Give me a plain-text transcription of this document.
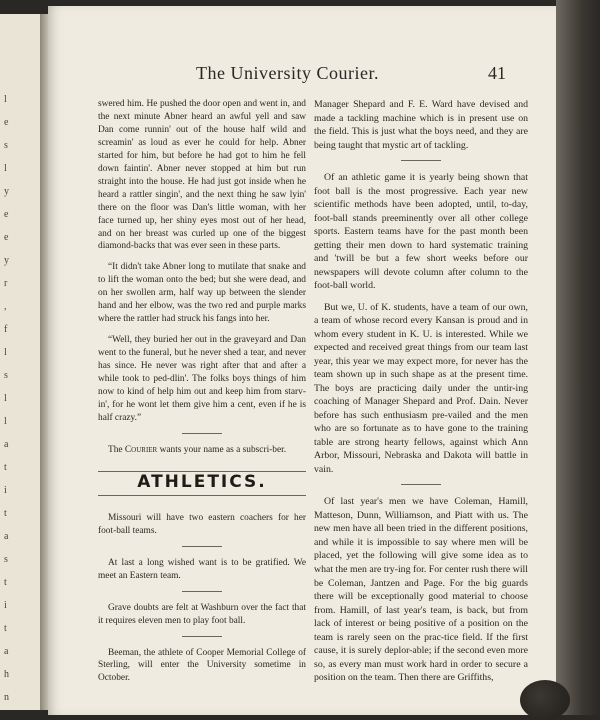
l
e
s
l
y
e
e
y
r
,
f
l
s
l
l
a
t
i
t
a
s
t
i
t
a
h
n
The University Courier.	41

swered him. He pushed the door open and went in, and the next minute Abner heard an awful yell and saw Dan come runnin' out of the house half wild and screamin' as loud as ever he could for help. Abner started for him, but before he had got to him he fell down faintin'. Abner never stopped at him but run straight into the house. He had just got inside when he heard a rattler singin', and the next thing he saw lyin' there on the floor was Dan's little woman, with her face turned up, her shiny eyes most out of her head, and on her breast was curled up one of the biggest diamond-backs that was ever seen in these parts.

“It didn't take Abner long to mutilate that snake and to lift the woman onto the bed; but she were dead, and on her swollen arm, half way up between the slender hand and her elbow, was the two red and purple marks where the rattler had struck his fangs into her.

“Well, they buried her out in the graveyard and Dan went to the funeral, but he never shed a tear, and never has since. He never was right after that and after a while took to ped-dlin'. The folks boys things of him now to kind of help him out and keep him from starv-in', for he wont let them give him a cent, even if he is half crazy.”

The Courier wants your name as a subscri-ber.

ATHLETICS.

Missouri will have two eastern coachers for her foot-ball teams.

At last a long wished want is to be gratified. We meet an Eastern team.

Grave doubts are felt at Washburn over the fact that it requires eleven men to play foot ball.

Beeman, the athlete of Cooper Memorial College of Sterling, will enter the University sometime in October.

Manager Shepard and F. E. Ward have devised and made a tackling machine which is in present use on the field. This is just what the boys need, and they are being taught that mystic art of tackling.

Of an athletic game it is yearly being shown that foot ball is the most progressive. Each year new scientific methods have been adopted, until, to-day, foot-ball stands preeminently over all other college sports. Eastern teams have for the past month been getting their men down to hard systematic training and 'twill be but a few short weeks before our newspapers will devote column after column to the foot-ball world.

But we, U. of K. students, have a team of our own, a team of whose record every Kansan is proud and in whom every student in K. U. is interested. While we expected and received great things from our team last year, this year we may expect more, for never has the team shown up in such shape as at the present time. The boys are practicing daily under the untir-ing coaching of Manager Shepard and Prof. Dain. Never before has such enthusiasm pre-vailed and the men who are so fortunate as to have gone to the training table are strong hearty fellows, against which Ann Arbor, Missouri, Nebraska and Dakota will battle in vain.

Of last year's men we have Coleman, Hamill, Matteson, Dunn, Williamson, and Piatt with us. The new men have all been tried in the different positions, and while it is impossible to say where men will be placed, yet the following will give some idea as to what the men are try-ing for. For center rush there will be Coleman, Jantzen and Page. For the big guards there will be exceptionally good material to choose from. Hamill, of last year's team, is back, but from lack of interest or being positive of a position on the team is rarely seen on the prac-tice field. If the first cause, it is surely deplor-able; if the second even more so, as every man must work hard in order to secure a position on the team. Then there are Griffiths,
